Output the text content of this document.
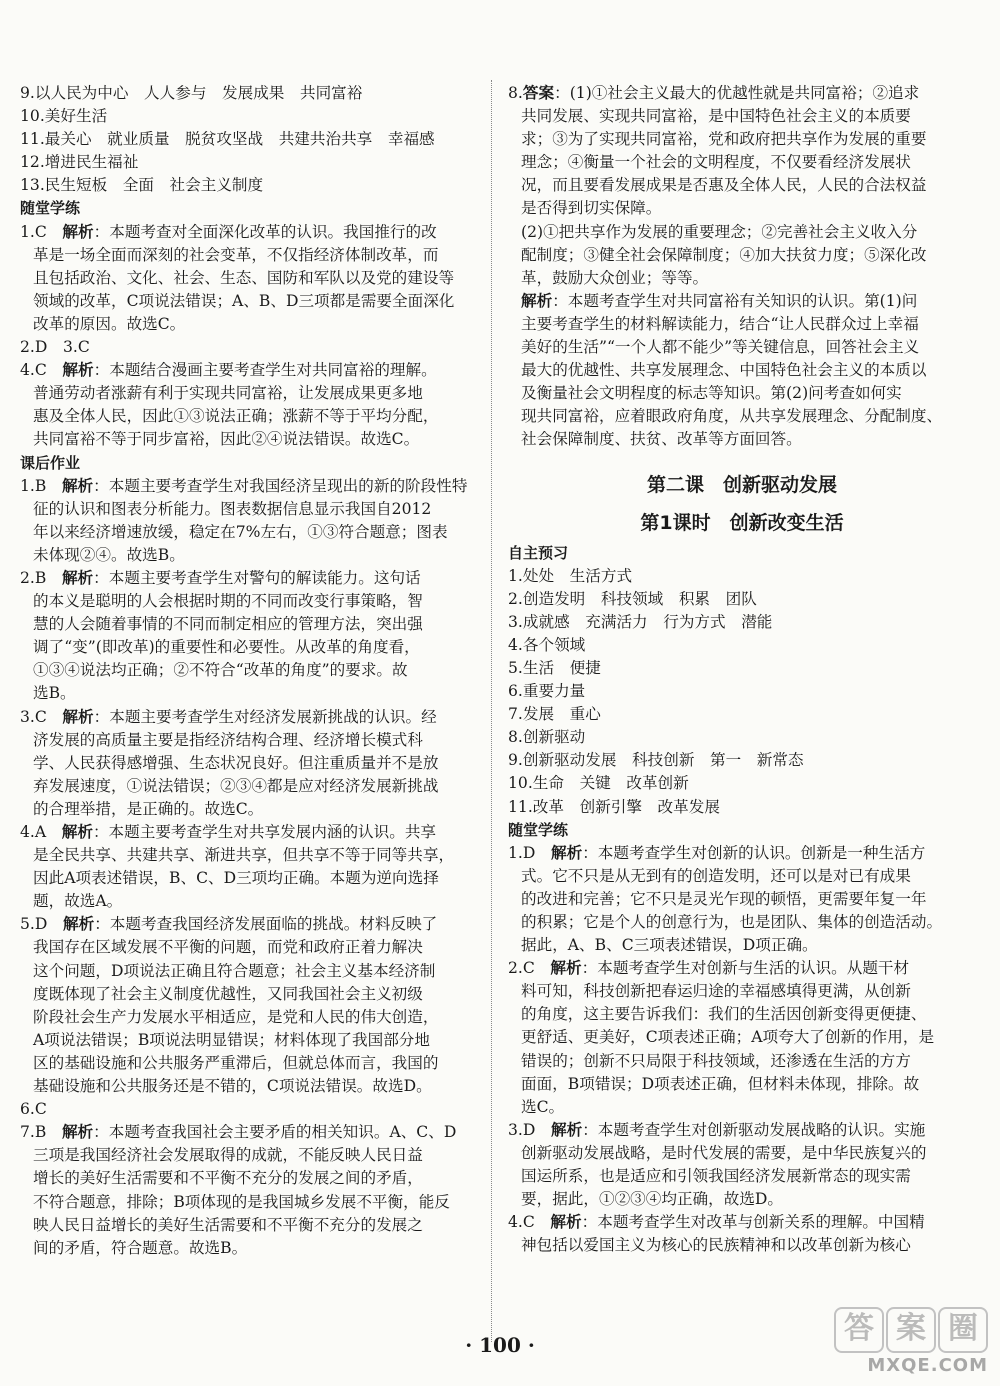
9.以人民为中心　人人参与　发展成果　共同富裕

10.美好生活

11.最关心　就业质量　脱贫攻坚战　共建共治共享　幸福感

12.增进民生福祉

13.民生短板　全面　社会主义制度

随堂学练

1.C　 解析：本题考查对全面深化改革的认识。我国推行的改

革是一场全面而深刻的社会变革，不仅指经济体制改革，而

且包括政治、文化、社会、生态、国防和军队以及党的建设等

领域的改革，C项说法错误；A、B、D三项都是需要全面深化

改革的原因。故选C。

2.D　3.C

4.C　 解析：本题结合漫画主要考查学生对共同富裕的理解。

普通劳动者涨薪有利于实现共同富裕，让发展成果更多地

惠及全体人民，因此①③说法正确；涨薪不等于平均分配，

共同富裕不等于同步富裕，因此②④说法错误。故选C。

课后作业

1.B　 解析：本题主要考查学生对我国经济呈现出的新的阶段性特

征的认识和图表分析能力。图表数据信息显示我国自2012

年以来经济增速放缓，稳定在7%左右，①③符合题意；图表

未体现②④。故选B。

2.B　 解析：本题主要考查学生对警句的解读能力。这句话

的本义是聪明的人会根据时期的不同而改变行事策略，智

慧的人会随着事情的不同而制定相应的管理方法，突出强

调了“变”(即改革)的重要性和必要性。从改革的角度看，

①③④说法均正确；②不符合“改革的角度”的要求。故

选B。

3.C　 解析：本题主要考查学生对经济发展新挑战的认识。经

济发展的高质量主要是指经济结构合理、经济增长模式科

学、人民获得感增强、生态状况良好。但注重质量并不是放

弃发展速度，①说法错误；②③④都是应对经济发展新挑战

的合理举措，是正确的。故选C。

4.A　 解析：本题主要考查学生对共享发展内涵的认识。共享

是全民共享、共建共享、渐进共享，但共享不等于同等共享，

因此A项表述错误，B、C、D三项均正确。本题为逆向选择

题，故选A。

5.D　 解析：本题考查我国经济发展面临的挑战。材料反映了

我国存在区域发展不平衡的问题，而党和政府正着力解决

这个问题，D项说法正确且符合题意；社会主义基本经济制

度既体现了社会主义制度优越性，又同我国社会主义初级

阶段社会生产力发展水平相适应，是党和人民的伟大创造，

A项说法错误；B项说法明显错误；材料体现了我国部分地

区的基础设施和公共服务严重滞后，但就总体而言，我国的

基础设施和公共服务还是不错的，C项说法错误。故选D。

6.C

7.B　 解析：本题考查我国社会主要矛盾的相关知识。A、C、D

三项是我国经济社会发展取得的成就，不能反映人民日益

增长的美好生活需要和不平衡不充分的发展之间的矛盾，

不符合题意，排除；B项体现的是我国城乡发展不平衡，能反

映人民日益增长的美好生活需要和不平衡不充分的发展之

间的矛盾，符合题意。故选B。

8.答案：(1)①社会主义最大的优越性就是共同富裕；②追求

共同发展、实现共同富裕，是中国特色社会主义的本质要

求；③为了实现共同富裕，党和政府把共享作为发展的重要

理念；④衡量一个社会的文明程度，不仅要看经济发展状

况，而且要看发展成果是否惠及全体人民，人民的合法权益

是否得到切实保障。

(2)①把共享作为发展的重要理念；②完善社会主义收入分

配制度；③健全社会保障制度；④加大扶贫力度；⑤深化改

革，鼓励大众创业；等等。

解析：本题考查学生对共同富裕有关知识的认识。第(1)问

主要考查学生的材料解读能力，结合“让人民群众过上幸福

美好的生活”“一个人都不能少”等关键信息，回答社会主义

最大的优越性、共享发展理念、中国特色社会主义的本质以

及衡量社会文明程度的标志等知识。第(2)问考查如何实

现共同富裕，应着眼政府角度，从共享发展理念、分配制度、

社会保障制度、扶贫、改革等方面回答。

第二课　创新驱动发展

第1课时　创新改变生活

自主预习

1.处处　生活方式

2.创造发明　科技领域　积累　团队

3.成就感　充满活力　行为方式　潜能

4.各个领域

5.生活　便捷

6.重要力量

7.发展　重心

8.创新驱动

9.创新驱动发展　科技创新　第一　新常态

10.生命　关键　改革创新

11.改革　创新引擎　改革发展

随堂学练

1.D　 解析：本题考查学生对创新的认识。创新是一种生活方

式。它不只是从无到有的创造发明，还可以是对已有成果

的改进和完善；它不只是灵光乍现的顿悟，更需要年复一年

的积累；它是个人的创意行为，也是团队、集体的创造活动。

据此，A、B、C三项表述错误，D项正确。

2.C　 解析：本题考查学生对创新与生活的认识。从题干材

料可知，科技创新把春运归途的幸福感填得更满，从创新

的角度，这主要告诉我们：我们的生活因创新变得更便捷、

更舒适、更美好，C项表述正确；A项夸大了创新的作用，是

错误的；创新不只局限于科技领域，还渗透在生活的方方

面面，B项错误；D项表述正确，但材料未体现，排除。故

选C。

3.D　 解析：本题考查学生对创新驱动发展战略的认识。实施

创新驱动发展战略，是时代发展的需要，是中华民族复兴的

国运所系，也是适应和引领我国经济发展新常态的现实需

要，据此，①②③④均正确，故选D。

4.C　 解析：本题考查学生对改革与创新关系的理解。中国精

神包括以爱国主义为核心的民族精神和以改革创新为核心

· 100 ·	答 案 圈
MXQE.COM
